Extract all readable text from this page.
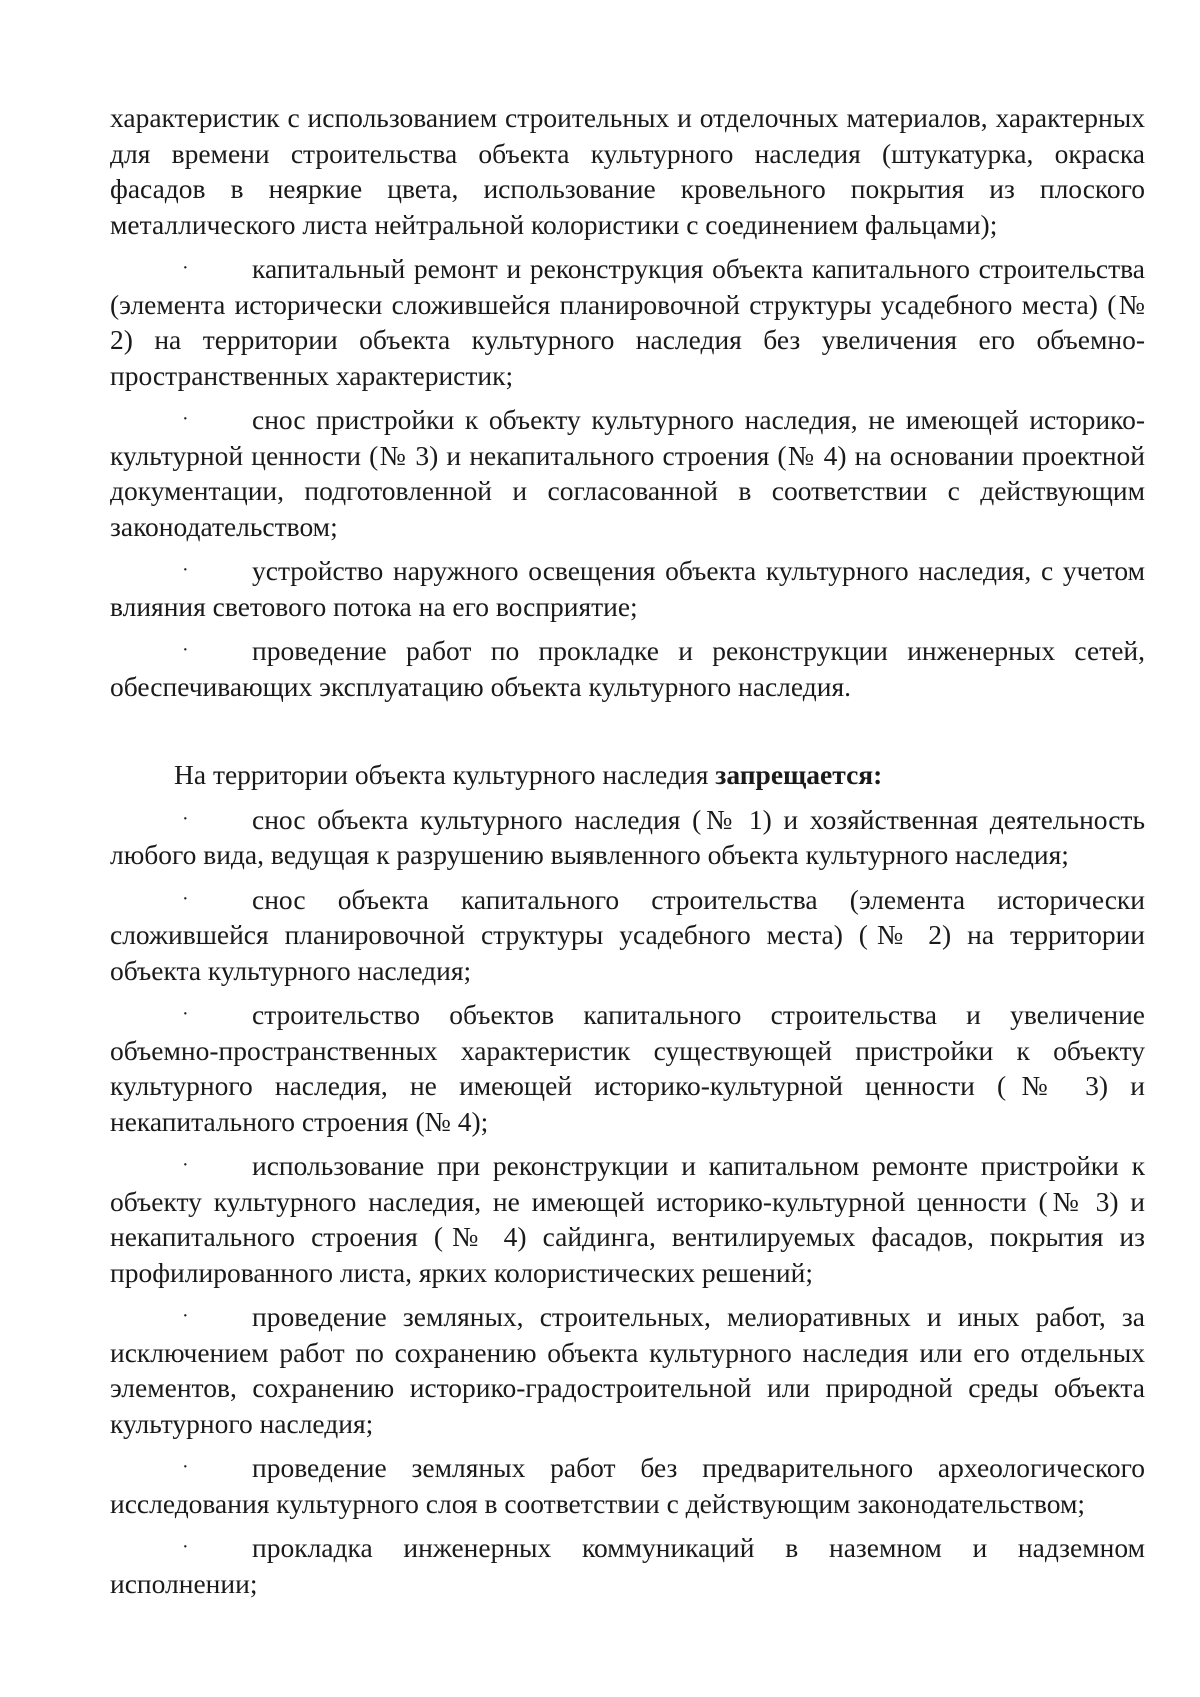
характеристик с использованием строительных и отделочных материалов, характерных для времени строительства объекта культурного наследия (штукатурка, окраска фасадов в неяркие цвета, использование кровельного покрытия из плоского металлического листа нейтральной колористики с соединением фальцами);

· капитальный ремонт и реконструкция объекта капитального строительства (элемента исторически сложившейся планировочной структуры усадебного места) (№ 2) на территории объекта культурного наследия без увеличения его объемно-пространственных характеристик;

· снос пристройки к объекту культурного наследия, не имеющей историко-культурной ценности (№ 3) и некапитального строения (№ 4) на основании проектной документации, подготовленной и согласованной в соответствии с действующим законодательством;

· устройство наружного освещения объекта культурного наследия, с учетом влияния светового потока на его восприятие;

· проведение работ по прокладке и реконструкции инженерных сетей, обеспечивающих эксплуатацию объекта культурного наследия.

На территории объекта культурного наследия запрещается:

· снос объекта культурного наследия (№ 1) и хозяйственная деятельность любого вида, ведущая к разрушению выявленного объекта культурного наследия;

· снос объекта капитального строительства (элемента исторически сложившейся планировочной структуры усадебного места) (№ 2) на территории объекта культурного наследия;

· строительство объектов капитального строительства и увеличение объемно-пространственных характеристик существующей пристройки к объекту культурного наследия, не имеющей историко-культурной ценности (№ 3) и некапитального строения (№ 4);

· использование при реконструкции и капитальном ремонте пристройки к объекту культурного наследия, не имеющей историко-культурной ценности (№ 3) и некапитального строения (№ 4) сайдинга, вентилируемых фасадов, покрытия из профилированного листа, ярких колористических решений;

· проведение земляных, строительных, мелиоративных и иных работ, за исключением работ по сохранению объекта культурного наследия или его отдельных элементов, сохранению историко-градостроительной или природной среды объекта культурного наследия;

· проведение земляных работ без предварительного археологического исследования культурного слоя в соответствии с действующим законодательством;

· прокладка инженерных коммуникаций в наземном и надземном исполнении;
